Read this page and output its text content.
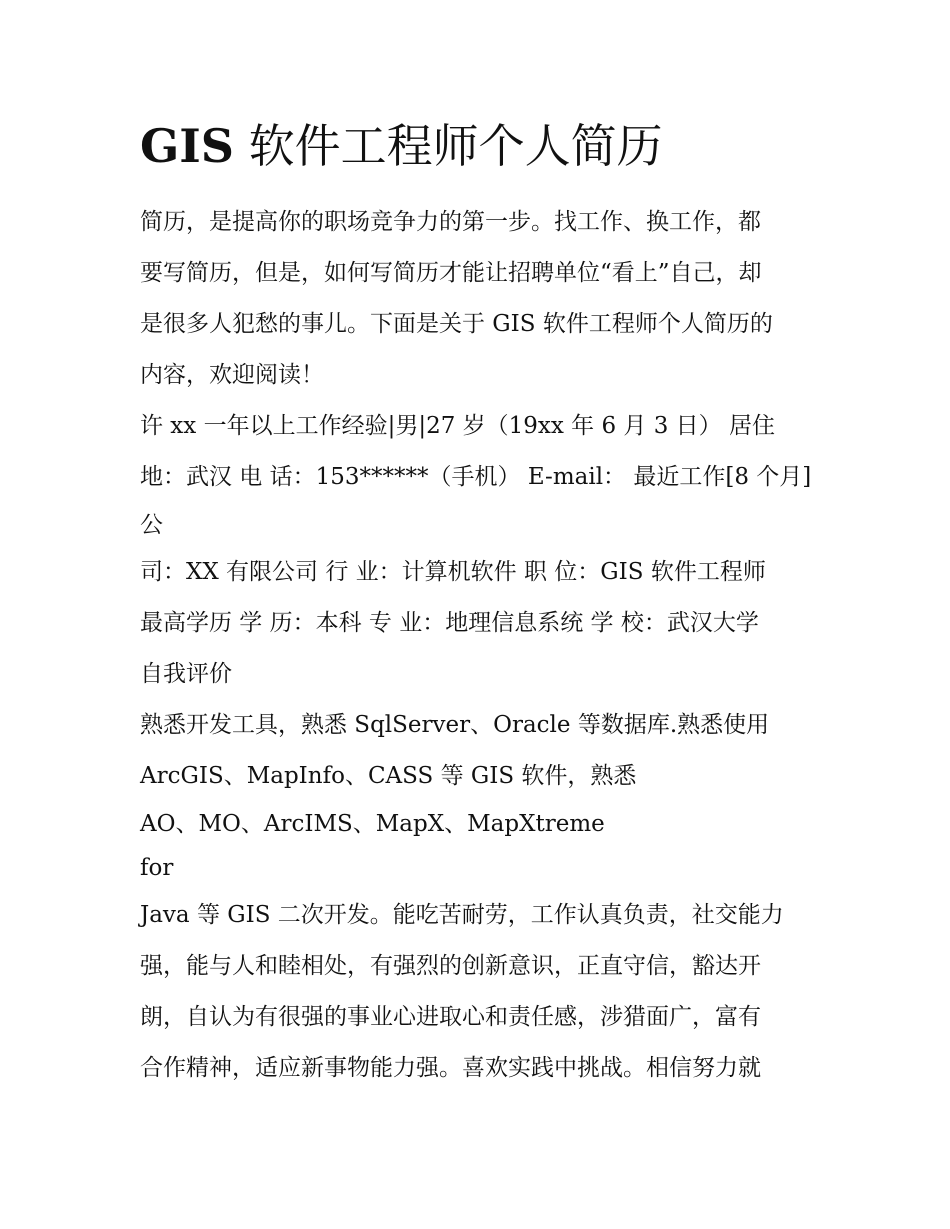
GIS 软件工程师个人简历

简历，是提高你的职场竞争力的第一步。找工作、换工作，都

要写简历，但是，如何写简历才能让招聘单位“看上”自己，却

是很多人犯愁的事儿。下面是关于 GIS 软件工程师个人简历的

内容，欢迎阅读！

许 xx 一年以上工作经验|男|27 岁（19xx 年 6 月 3 日） 居住

地：武汉 电 话：153******（手机） E-mail： 最近工作[8 个月]

公

司：XX 有限公司 行 业：计算机软件 职 位：GIS 软件工程师

最高学历 学 历：本科 专 业：地理信息系统 学 校：武汉大学

自我评价

熟悉开发工具，熟悉 SqlServer、Oracle 等数据库.熟悉使用

ArcGIS、MapInfo、CASS 等 GIS 软件，熟悉

AO、MO、ArcIMS、MapX、MapXtreme

for

Java 等 GIS 二次开发。能吃苦耐劳，工作认真负责，社交能力

强，能与人和睦相处，有强烈的创新意识，正直守信，豁达开

朗，自认为有很强的事业心进取心和责任感，涉猎面广，富有

合作精神，适应新事物能力强。喜欢实践中挑战。相信努力就
